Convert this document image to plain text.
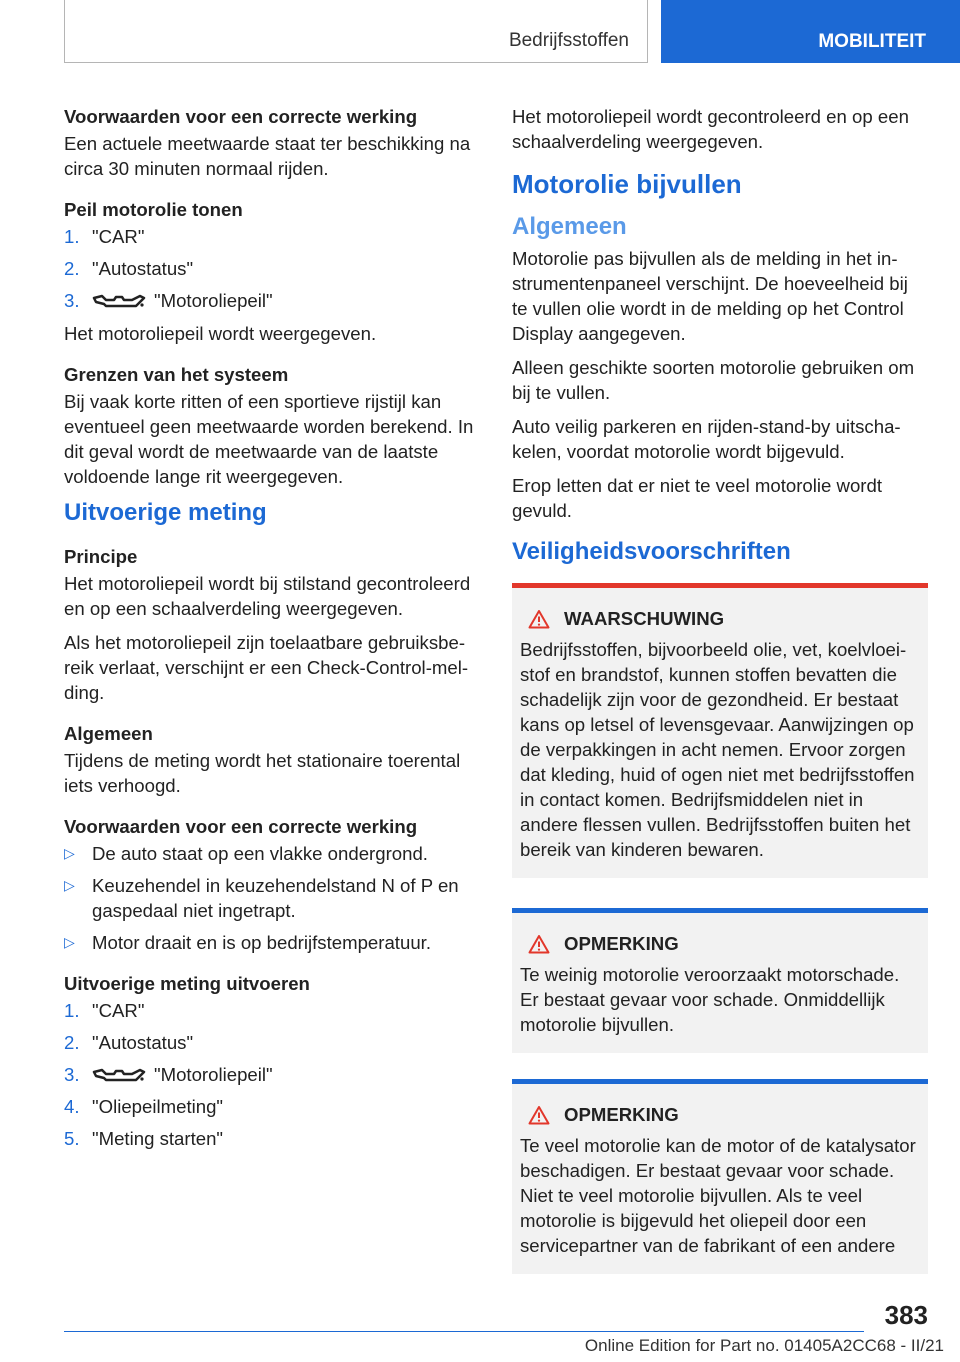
Bedrijfsstoffen	MOBILITEIT
Voorwaarden voor een correcte werking

Een actuele meetwaarde staat ter beschikking na circa 30 minuten normaal rijden.

Peil motorolie tonen
1. "CAR"
2. "Autostatus"
3.	"Motoroliepeil"

Het motoroliepeil wordt weergegeven.

Grenzen van het systeem

Bij vaak korte ritten of een sportieve rijstijl kan eventueel geen meetwaarde worden berekend. In dit geval wordt de meetwaarde van de laatste voldoende lange rit weergegeven.

Uitvoerige meting
Principe

Het motoroliepeil wordt bij stilstand gecontroleerd en op een schaalverdeling weergegeven.

Als het motoroliepeil zijn toelaatbare gebruiksbereik verlaat, verschijnt er een Check-Control-melding.

Algemeen

Tijdens de meting wordt het stationaire toerental iets verhoogd.

Voorwaarden voor een correcte werking
▷ De auto staat op een vlakke ondergrond.
▷ Keuzehendel in keuzehendelstand N of P en gaspedaal niet ingetrapt.
▷ Motor draait en is op bedrijfstemperatuur.
Uitvoerige meting uitvoeren
1. "CAR"
2. "Autostatus"
3.	"Motoroliepeil"
4. "Oliepeilmeting"
5. "Meting starten"

Het motoroliepeil wordt gecontroleerd en op een schaalverdeling weergegeven.

Motorolie bijvullen
Algemeen

Motorolie pas bijvullen als de melding in het instrumentenpaneel verschijnt. De hoeveelheid bij te vullen olie wordt in de melding op het Control Display aangegeven.

Alleen geschikte soorten motorolie gebruiken om bij te vullen.

Auto veilig parkeren en rijden-stand-by uitschakelen, voordat motorolie wordt bijgevuld.

Erop letten dat er niet te veel motorolie wordt gevuld.

Veiligheidsvoorschriften
WAARSCHUWING
Bedrijfsstoffen, bijvoorbeeld olie, vet, koelvloeistof en brandstof, kunnen stoffen bevatten die schadelijk zijn voor de gezondheid. Er bestaat kans op letsel of levensgevaar. Aanwijzingen op de verpakkingen in acht nemen. Ervoor zorgen dat kleding, huid of ogen niet met bedrijfsstoffen in contact komen. Bedrijfsmiddelen niet in andere flessen vullen. Bedrijfsstoffen buiten het bereik van kinderen bewaren.
OPMERKING
Te weinig motorolie veroorzaakt motorschade. Er bestaat gevaar voor schade. Onmiddellijk motorolie bijvullen.
OPMERKING
Te veel motorolie kan de motor of de katalysator beschadigen. Er bestaat gevaar voor schade. Niet te veel motorolie bijvullen. Als te veel motorolie is bijgevuld het oliepeil door een servicepartner van de fabrikant of een andere
383
Online Edition for Part no. 01405A2CC68 - II/21
